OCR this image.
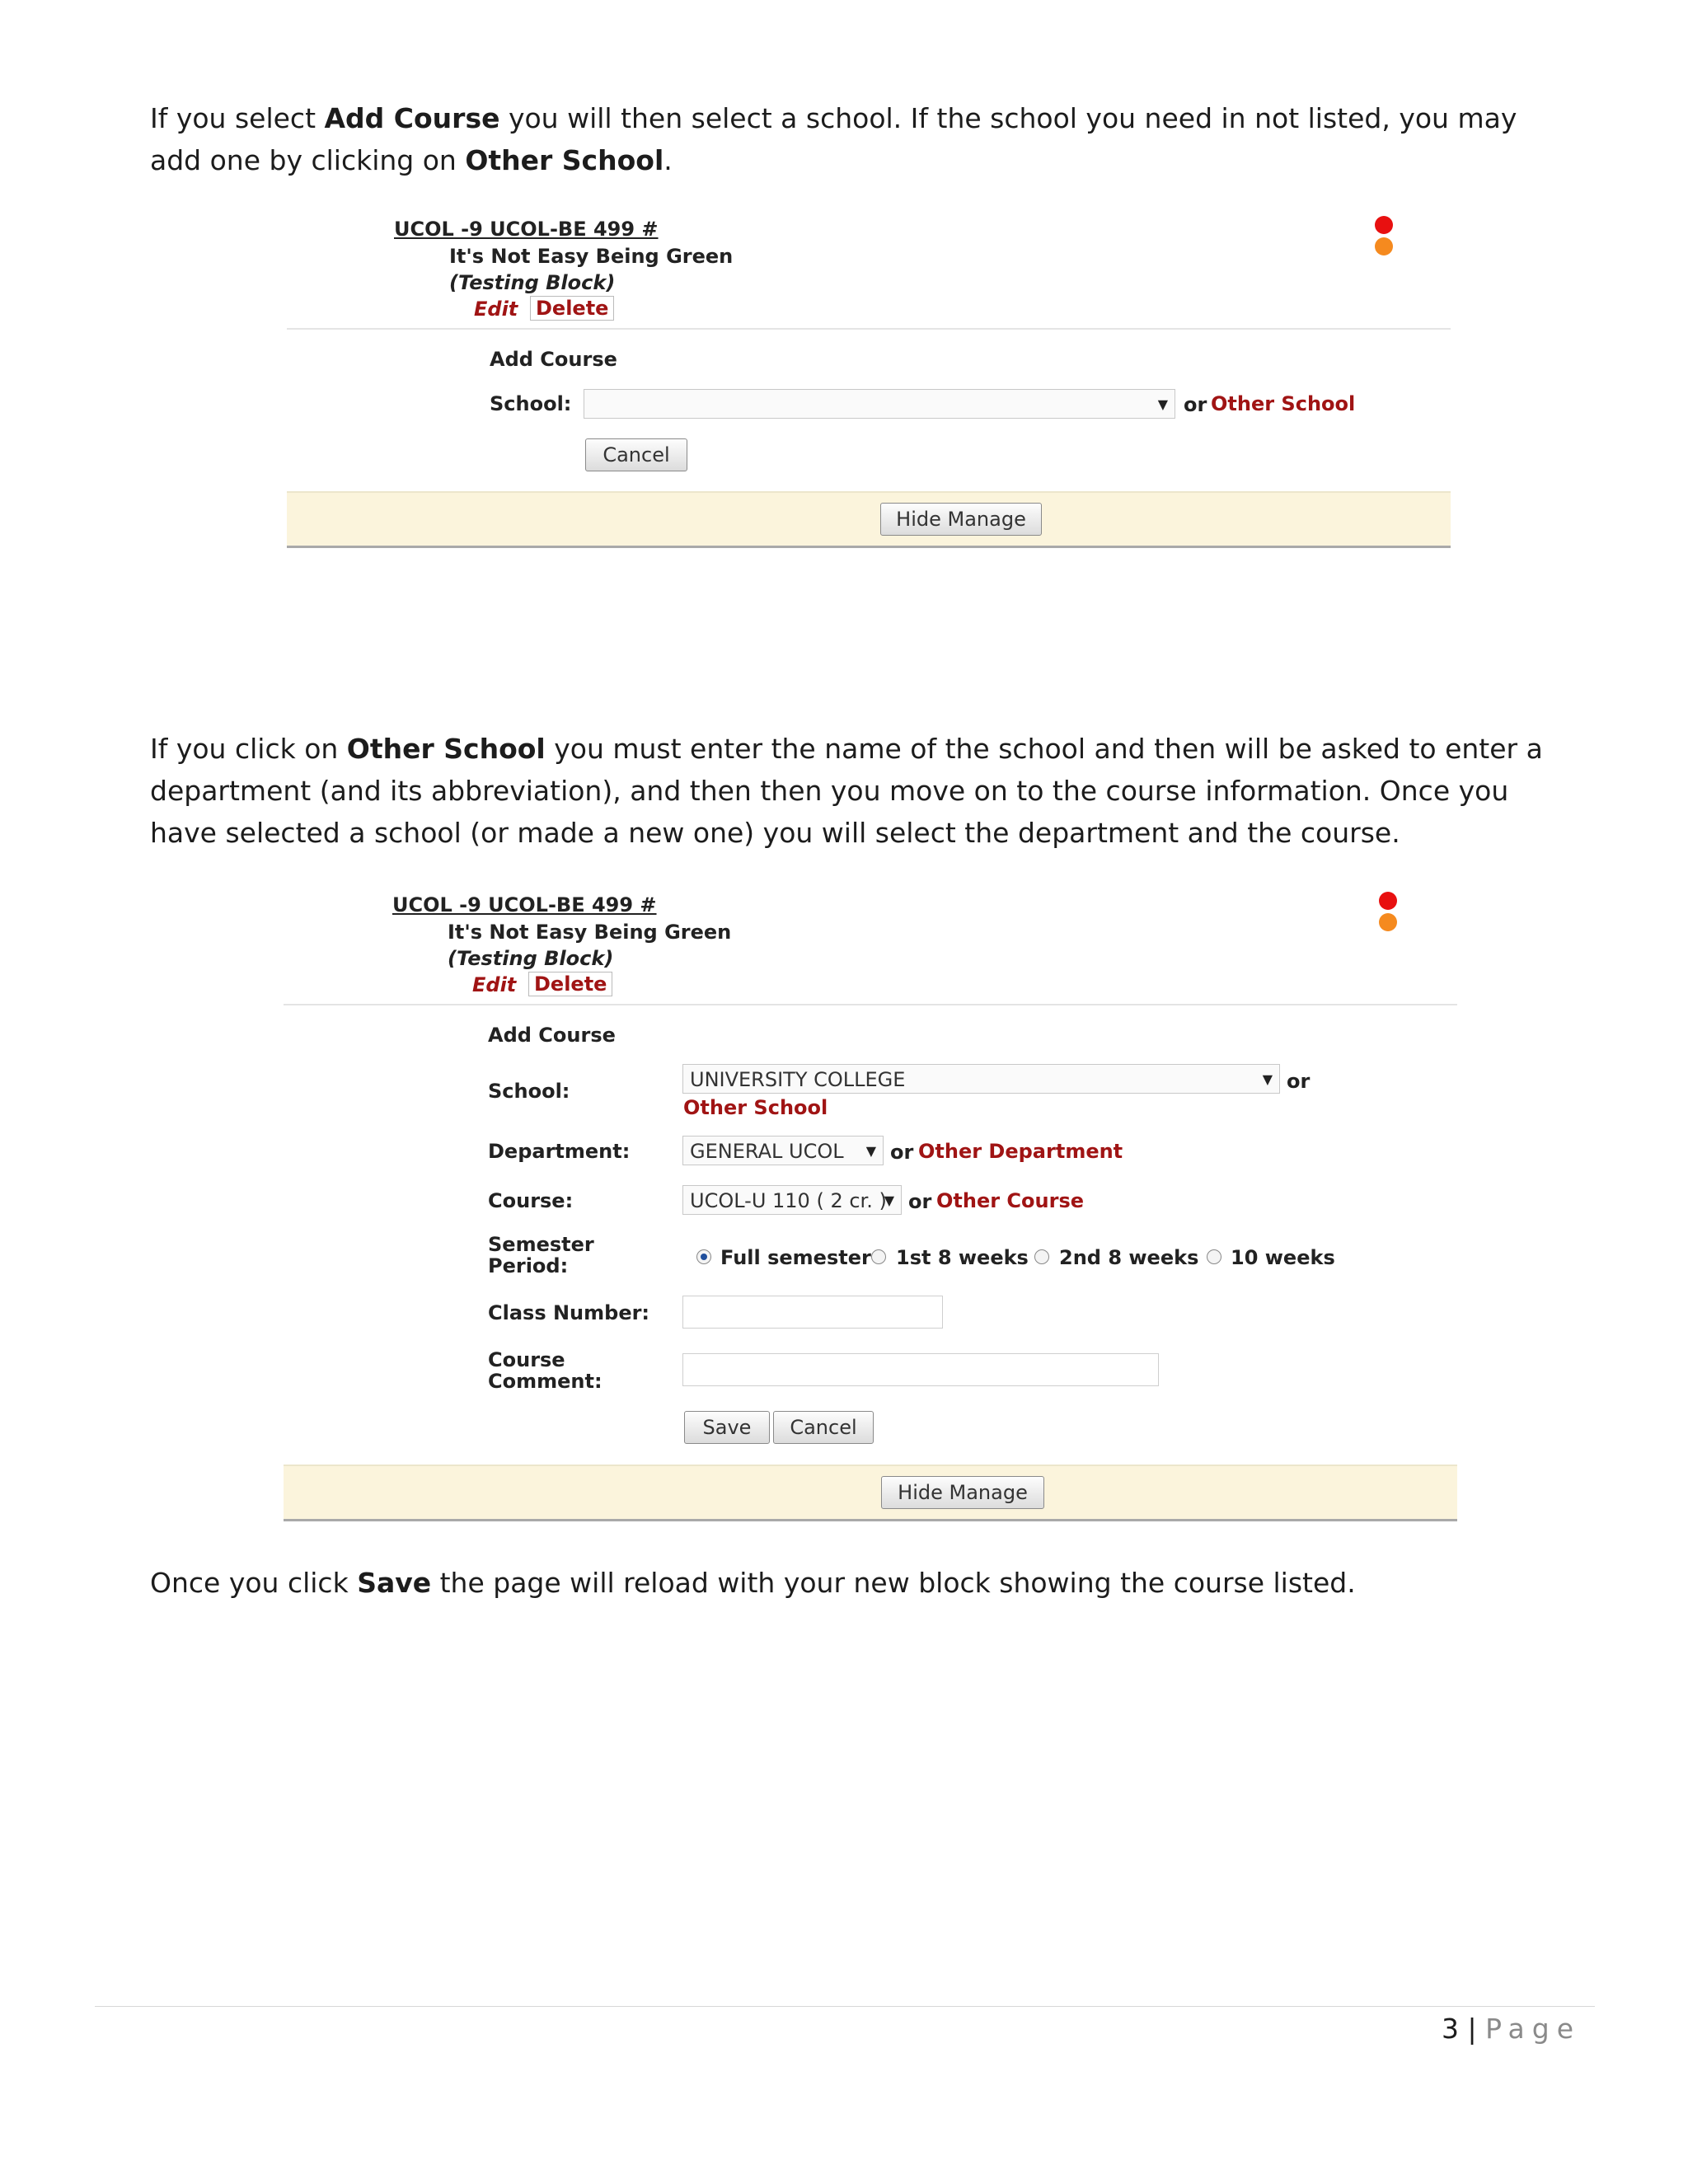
If you select Add Course you will then select a school. If the school you need in not listed, you may add one by clicking on Other School.

UCOL -9 UCOL-BE 499 #
It's Not Easy Being Green
(Testing Block)
Edit Delete
Add Course
School:	▼ or Other School
Cancel
Hide Manage

If you click on Other School you must enter the name of the school and then will be asked to enter a department (and its abbreviation), and then then you move on to the course information. Once you have selected a school (or made a new one) you will select the department and the course.

UCOL -9 UCOL-BE 499 #
It's Not Easy Being Green
(Testing Block)
Edit Delete
Add Course
School:	UNIVERSITY COLLEGE	▼ or
Other School
Department:	GENERAL UCOL ▼ or Other Department
Course:	UCOL-U 110 ( 2 cr. )
▼ or Other Course
Semester
Period:	Full semester 1st 8 weeks 2nd 8 weeks 10 weeks
Class Number:
Course
Comment:
Save	Cancel
Hide Manage

Once you click Save the page will reload with your new block showing the course listed.

3 | Page
